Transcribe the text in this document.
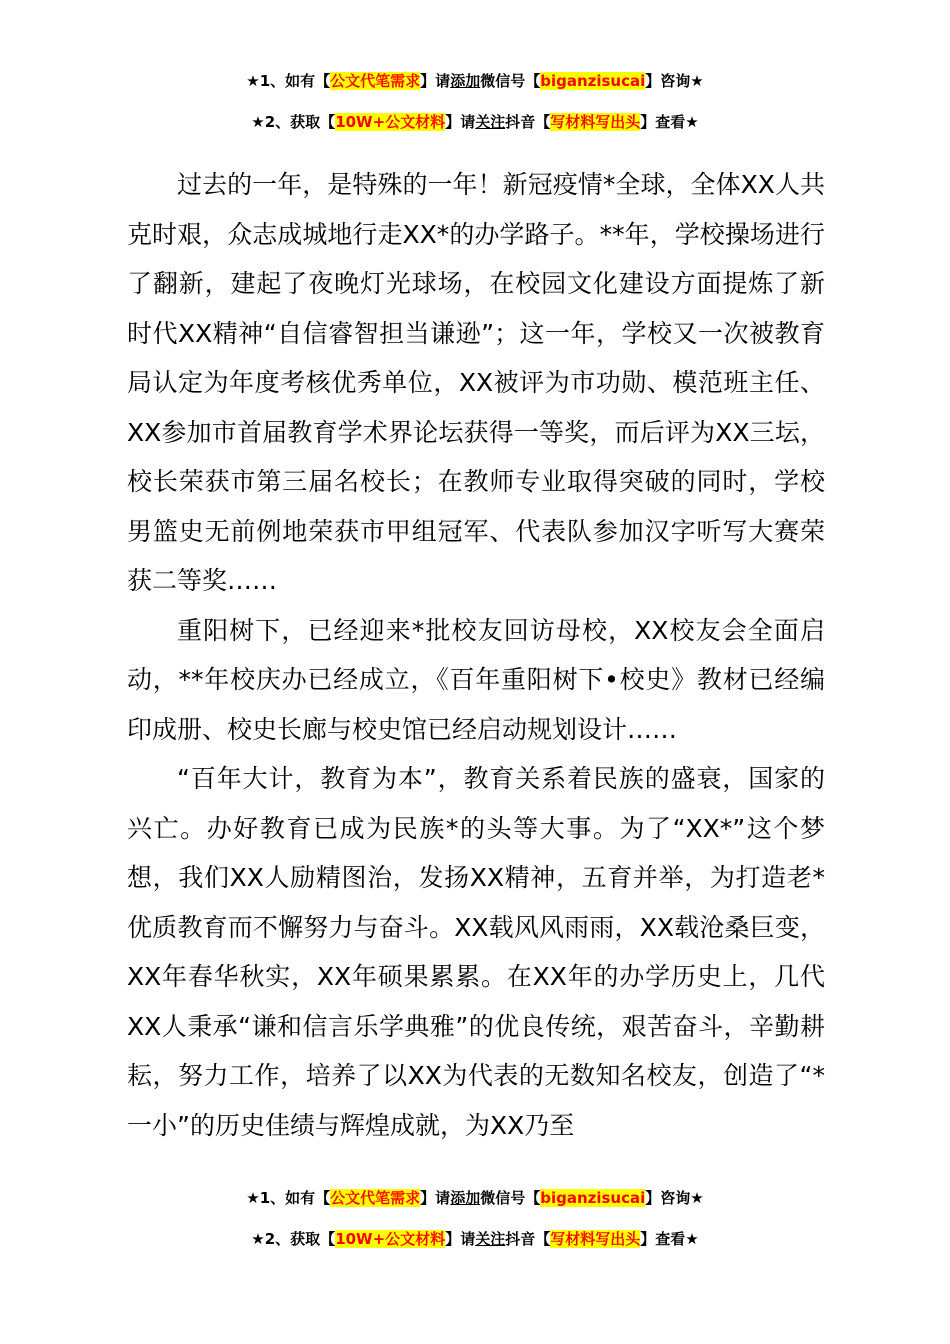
★1、如有【公文代笔需求】请添加微信号【biganzisucai】咨询★
★2、获取【10W+公文材料】请关注抖音【写材料写出头】查看★

过去的一年，是特殊的一年！新冠疫情*全球，全体XX人共克时艰，众志成城地行走XX*的办学路子。**年，学校操场进行了翻新，建起了夜晚灯光球场，在校园文化建设方面提炼了新时代XX精神“自信睿智担当谦逊”；这一年，学校又一次被教育局认定为年度考核优秀单位，XX被评为市功勋、模范班主任、XX参加市首届教育学术界论坛获得一等奖，而后评为XX三坛，校长荣获市第三届名校长；在教师专业取得突破的同时，学校男篮史无前例地荣获市甲组冠军、代表队参加汉字听写大赛荣获二等奖……

重阳树下，已经迎来*批校友回访母校，XX校友会全面启动，**年校庆办已经成立，《百年重阳树下•校史》教材已经编印成册、校史长廊与校史馆已经启动规划设计……

“百年大计，教育为本”，教育关系着民族的盛衰，国家的兴亡。办好教育已成为民族*的头等大事。为了“XX*”这个梦想，我们XX人励精图治，发扬XX精神，五育并举，为打造老*优质教育而不懈努力与奋斗。XX载风风雨雨，XX载沧桑巨变，XX年春华秋实，XX年硕果累累。在XX年的办学历史上，几代XX人秉承“谦和信言乐学典雅”的优良传统，艰苦奋斗，辛勤耕耘，努力工作，培养了以XX为代表的无数知名校友，创造了“*一小”的历史佳绩与辉煌成就，为XX乃至

★1、如有【公文代笔需求】请添加微信号【biganzisucai】咨询★
★2、获取【10W+公文材料】请关注抖音【写材料写出头】查看★
